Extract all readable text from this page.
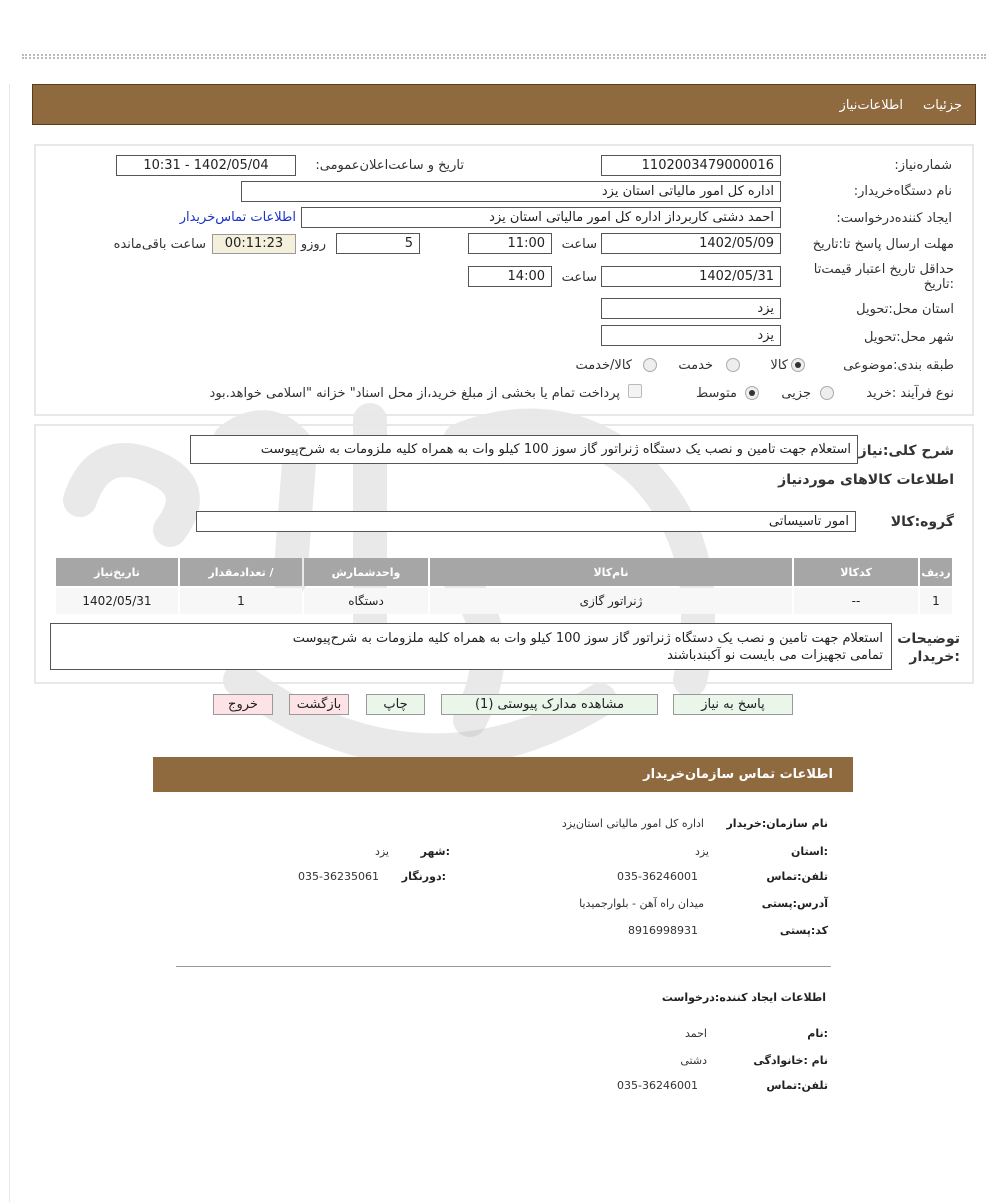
جزئیات
اطلاعات‌نیاز
شماره‌نیاز:
1102003479000016
تاریخ و ساعت‌اعلان‌عمومی:
1402/05/04 - 10:31
نام دستگاه‌خریدار:
اداره کل امور مالیاتی استان یزد
ایجاد کننده‌درخواست:
احمد دشتی کاربرداز اداره کل امور مالیاتی استان یزد
اطلاعات تماس‌خریدار
مهلت ارسال پاسخ تا‌:تاریخ
1402/05/09
ساعت
11:00
5
روزو
00:11:23
ساعت باقی‌مانده
حداقل تاریخ اعتبار قیمت‌تا :تاریخ
1402/05/31
ساعت
14:00
استان محل‌:تحویل
یزد
شهر محل‌:تحویل
یزد
طبقه بندی‌:موضوعی
کالا
خدمت
کالا/خدمت
نوع فرآیند :خرید
جزیی
متوسط
پرداخت تمام یا بخشی از مبلغ خرید،از محل اسناد" خزانه "اسلامی خواهد.بود
شرح کلی:نیاز
استعلام جهت تامین و نصب یک دستگاه ژنراتور گاز سوز 100 کیلو وات به همراه کلیه ملزومات به شرح‌پیوست
اطلاعات کالاهای موردنیاز
گروه:کالا
امور تاسیساتی
ردیف	کدکالا	نام‌کالا	واحدشمارش	/ تعدادمقدار	تاریخ‌نیاز
1	--	ژنراتور گازی	دستگاه	1	1402/05/31
توضیحات :خریدار
استعلام جهت تامین و نصب یک دستگاه ژنراتور گاز سوز 100 کیلو وات به همراه کلیه ملزومات به شرح‌پیوست
تمامی تجهیزات می بایست نو آکبندباشند
پاسخ به نیاز
مشاهده مدارک پیوستی (1)
چاپ
بازگشت
خروج
اطلاعات تماس سازمان‌خریدار
نام سازمان:خریدار
اداره کل امور مالیاتی استان‌یزد
:استان
یزد
:شهر
یزد
تلفن:تماس
035-36246001
:دورنگار
035-36235061
آدرس:پستی
میدان راه آهن - بلوارجمیدیا
کد:پستی
8916998931
اطلاعات ایجاد کننده:درخواست
:نام
احمد
نام :خانوادگی
دشتی
تلفن:تماس
035-36246001
